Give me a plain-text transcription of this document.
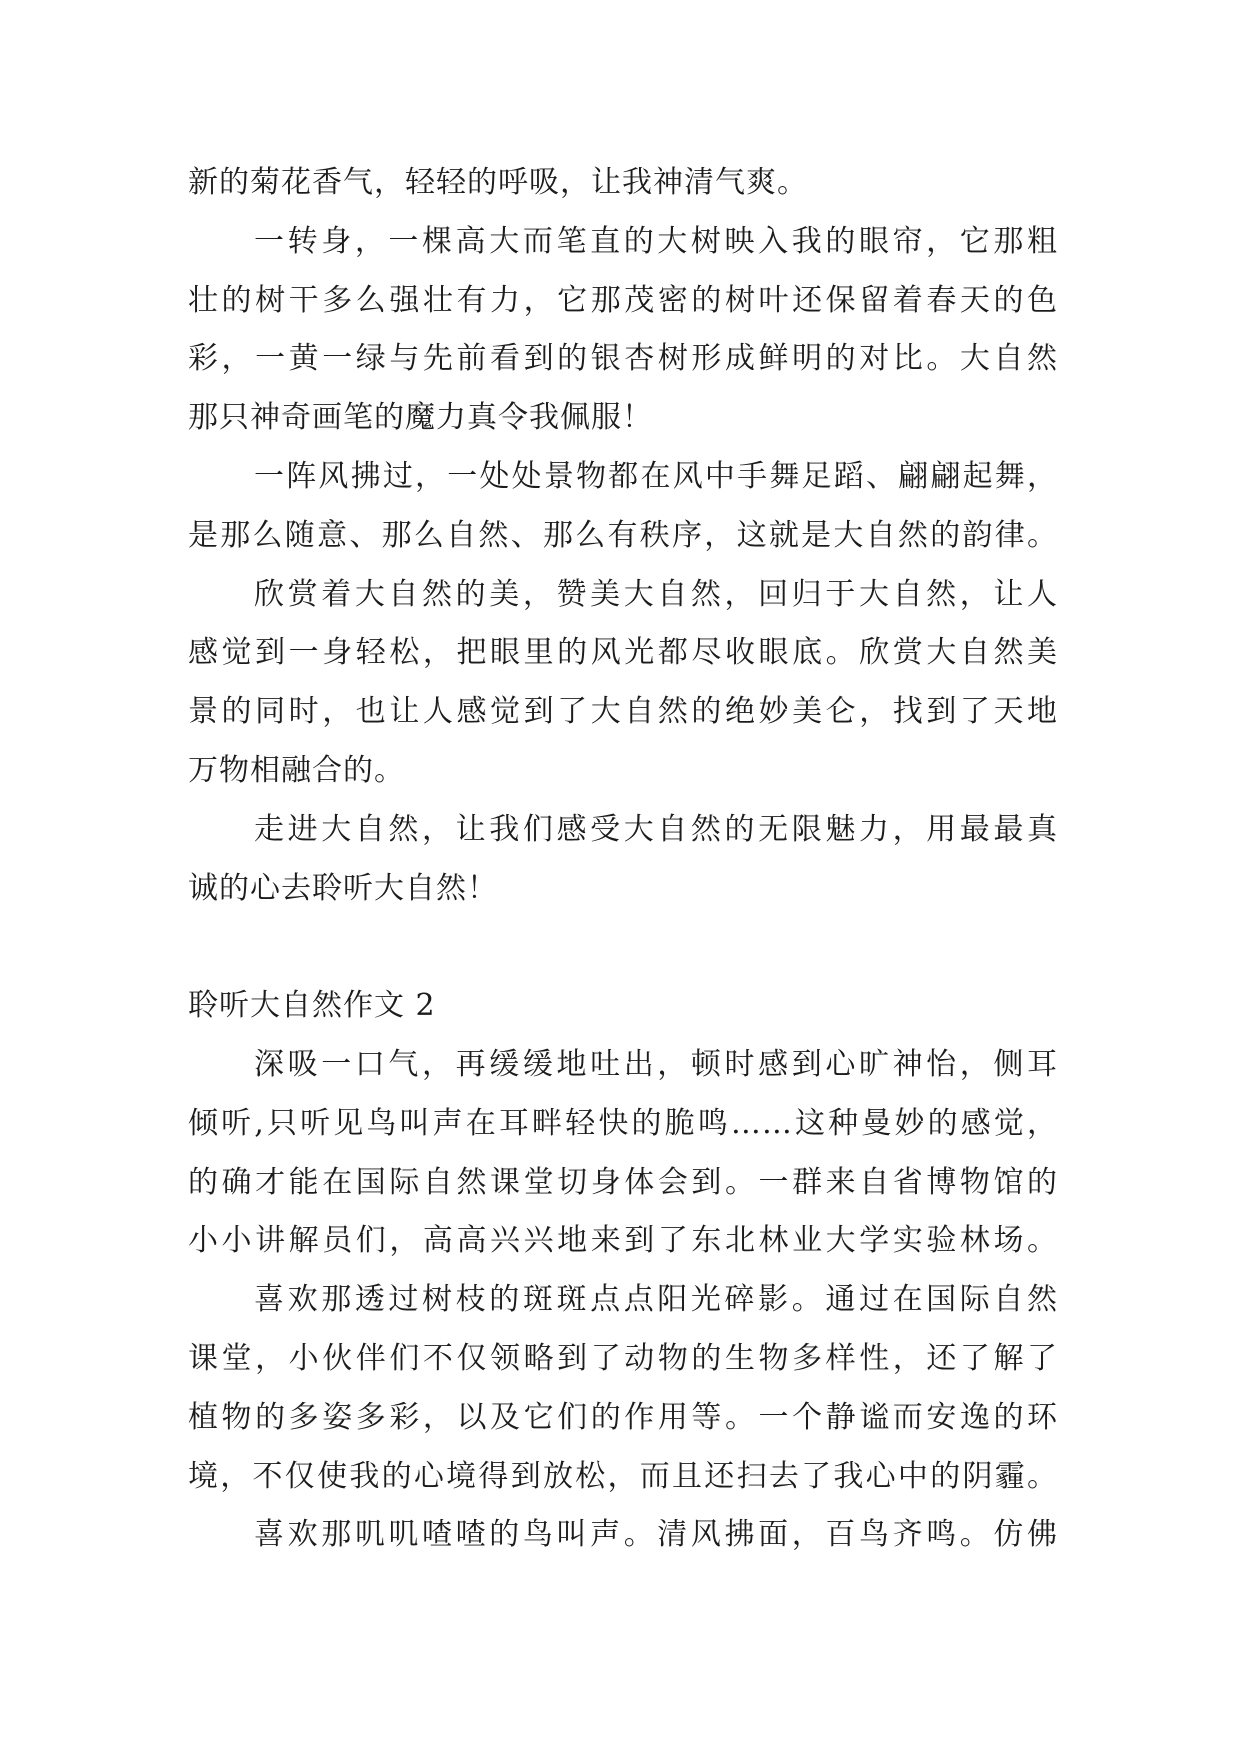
新的菊花香气，轻轻的呼吸，让我神清气爽。
一转身，一棵高大而笔直的大树映入我的眼帘，它那粗
壮的树干多么强壮有力，它那茂密的树叶还保留着春天的色
彩，一黄一绿与先前看到的银杏树形成鲜明的对比。大自然
那只神奇画笔的魔力真令我佩服！
一阵风拂过，一处处景物都在风中手舞足蹈、翩翩起舞，
是那么随意、那么自然、那么有秩序，这就是大自然的韵律。
欣赏着大自然的美，赞美大自然，回归于大自然，让人
感觉到一身轻松，把眼里的风光都尽收眼底。欣赏大自然美
景的同时，也让人感觉到了大自然的绝妙美仑，找到了天地
万物相融合的。
走进大自然，让我们感受大自然的无限魅力，用最最真
诚的心去聆听大自然！
聆听大自然作文 2
深吸一口气，再缓缓地吐出，顿时感到心旷神怡，侧耳
倾听,只听见鸟叫声在耳畔轻快的脆鸣……这种曼妙的感觉，
的确才能在国际自然课堂切身体会到。一群来自省博物馆的
小小讲解员们，高高兴兴地来到了东北林业大学实验林场。
喜欢那透过树枝的斑斑点点阳光碎影。通过在国际自然
课堂，小伙伴们不仅领略到了动物的生物多样性，还了解了
植物的多姿多彩，以及它们的作用等。一个静谧而安逸的环
境，不仅使我的心境得到放松，而且还扫去了我心中的阴霾。
喜欢那叽叽喳喳的鸟叫声。清风拂面，百鸟齐鸣。仿佛
